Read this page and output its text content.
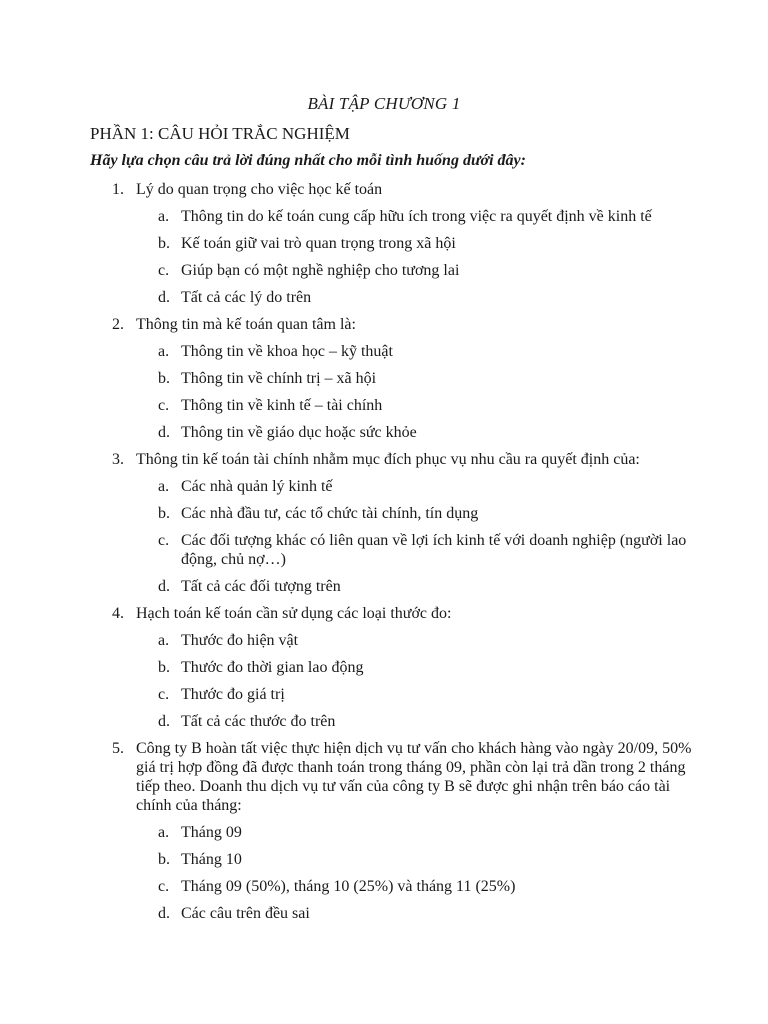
BÀI TẬP CHƯƠNG 1
PHẦN 1: CÂU HỎI TRẮC NGHIỆM
Hãy lựa chọn câu trả lời đúng nhất cho mỗi tình huống dưới đây:
1. Lý do quan trọng cho việc học kế toán
a. Thông tin do kế toán cung cấp hữu ích trong việc ra quyết định về kinh tế
b. Kế toán giữ vai trò quan trọng trong xã hội
c. Giúp bạn có một nghề nghiệp cho tương lai
d. Tất cả các lý do trên
2. Thông tin mà kế toán quan tâm là:
a. Thông tin về khoa học – kỹ thuật
b. Thông tin về chính trị – xã hội
c. Thông tin về kinh tế – tài chính
d. Thông tin về giáo dục hoặc sức khỏe
3. Thông tin kế toán tài chính nhằm mục đích phục vụ nhu cầu ra quyết định của:
a. Các nhà quản lý kinh tế
b. Các nhà đầu tư, các tổ chức tài chính, tín dụng
c. Các đối tượng khác có liên quan về lợi ích kinh tế với doanh nghiệp (người lao động, chủ nợ…)
d. Tất cả các đối tượng trên
4. Hạch toán kế toán cần sử dụng các loại thước đo:
a. Thước đo hiện vật
b. Thước đo thời gian lao động
c. Thước đo giá trị
d. Tất cả các thước đo trên
5. Công ty B hoàn tất việc thực hiện dịch vụ tư vấn cho khách hàng vào ngày 20/09, 50% giá trị hợp đồng đã được thanh toán trong tháng 09, phần còn lại trả dần trong 2 tháng tiếp theo. Doanh thu dịch vụ tư vấn của công ty B sẽ được ghi nhận trên báo cáo tài chính của tháng:
a. Tháng 09
b. Tháng 10
c. Tháng 09 (50%), tháng 10 (25%) và tháng 11 (25%)
d. Các câu trên đều sai
